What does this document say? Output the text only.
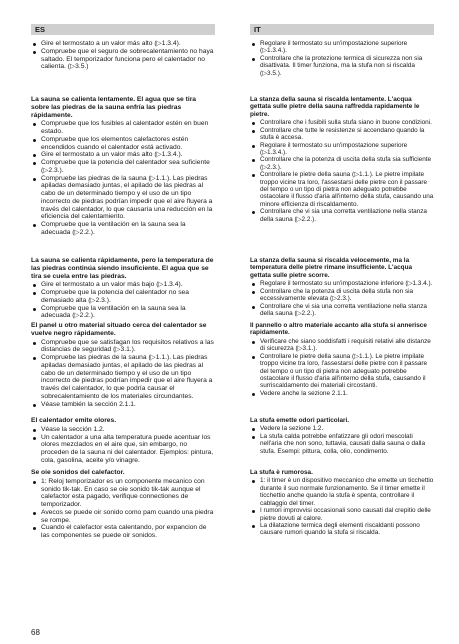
ES	IT
Gire el termostato a un valor más alto (▷1.3.4).
Compruebe que el seguro de sobrecalentamiento no haya saltado. El temporizador funciona pero el calentador no calienta. (▷3.5.)
La sauna se calienta lentamente. El agua que se tira sobre las piedras de la sauna enfría las piedras rápidamente.
Compruebe que los fusibles al calentador estén en buen estado.
Compruebe que los elementos calefactores estén encendidos cuando el calentador está activado.
Gire el termostato a un valor más alto (▷1.3.4.).
Compruebe que la potencia del calentador sea suficiente (▷2.3.).
Compruebe las piedras de la sauna (▷1.1.). Las piedras apiladas demasiado juntas, el apilado de las piedras al cabo de un determinado tiempo y el uso de un tipo incorrecto de piedras podrían impedir que el aire fluyera a través del calentador, lo que causaría una reducción en la eficiencia del calentamiento.
Compruebe que la ventilación en la sauna sea la adecuada (▷2.2.).
La sauna se calienta rápidamente, pero la temperatura de las piedras continúa siendo insuficiente. El agua que se tira se cuela entre las piedras.
Gire el termostato a un valor más bajo (▷1.3.4).
Compruebe que la potencia del calentador no sea demasiado alta (▷2.3.).
Compruebe que la ventilación en la sauna sea la adecuada (▷2.2.).
El panel u otro material situado cerca del calentador se vuelve negro rápidamente.
Compruebe que se satisfagan los requisitos relativos a las distancias de seguridad (▷3.1.).
Compruebe las piedras de la sauna (▷1.1.). Las piedras apiladas demasiado juntas, el apilado de las piedras al cabo de un determinado tiempo y el uso de un tipo incorrecto de piedras podrían impedir que el aire fluyera a través del calentador, lo que podría causar el sobrecalentamiento de los materiales circundantes.
Véase también la sección 2.1.1.
El calentador emite olores.
Véase la sección 1.2.
Un calentador a una alta temperatura puede acentuar los olores mezclados en el aire que, sin embargo, no proceden de la sauna ni del calentador. Ejemplos: pintura, cola, gasolina, aceite y/o vinagre.
Se oie sonidos del calefactor.
1: Reloj temporizador es un componente mecanico con sonido tik-tak. En caso se oie sonido tik-tak aunque el calefactor esta pagado, verifique connectiones de temporizador.
Avecos se puede oir sonido como pam cuando una piedra se rompe.
Cuando el calefactor esta calentando, por expancion de las componentes se puede oir sonidos.
Regolare il termostato su un'impostazione superiore (▷1.3.4.).
Controllare che la protezione termica di sicurezza non sia disattivata. Il timer funziona, ma la stufa non si riscalda (▷3.5.).
La stanza della sauna si riscalda lentamente. L'acqua gettata sulle pietre della sauna raffredda rapidamente le pietre.
Controllare che i fusibili sulla stufa siano in buone condizioni.
Controllare che tutte le resistenze si accendano quando la stufa è accesa.
Regolare il termostato su un'impostazione superiore (▷1.3.4.).
Controllare che la potenza di uscita della stufa sia sufficiente (▷2.3.).
Controllare le pietre della sauna (▷1.1.). Le pietre impilate troppo vicine tra loro, l'assestarsi delle pietre con il passare del tempo o un tipo di pietra non adeguato potrebbe ostacolare il flusso d'aria all'interno della stufa, causando una minore efficienza di riscaldamento.
Controllare che vi sia una corretta ventilazione nella stanza della sauna (▷2.2.).
La stanza della sauna si riscalda velocemente, ma la temperatura delle pietre rimane insufficiente. L'acqua gettata sulle pietre scorre.
Regolare il termostato su un'impostazione inferiore (▷1.3.4.).
Controllare che la potenza di uscita della stufa non sia eccessivamente elevata (▷2.3.).
Controllare che vi sia una corretta ventilazione nella stanza della sauna (▷2.2.).
Il pannello o altro materiale accanto alla stufa si annerisce rapidamente.
Verificare che siano soddisfatti i requisiti relativi alle distanze di sicurezza (▷3.1.).
Controllare le pietre della sauna (▷1.1.). Le pietre impilate troppo vicine tra loro, l'assestarsi delle pietre con il passare del tempo o un tipo di pietra non adeguato potrebbe ostacolare il flusso d'aria all'interno della stufa, causando il surriscaldamento dei materiali circostanti.
Vedere anche la sezione 2.1.1.
La stufa emette odori particolari.
Vedere la sezione 1.2.
La stufa calda potrebbe enfatizzare gli odori mescolati nell'aria che non sono, tuttavia, causati dalla sauna o dalla stufa. Esempi: pittura, colla, olio, condimento.
La stufa è rumorosa.
1: il timer è un dispositivo meccanico che emette un ticchettio durante il suo normale funzionamento. Se il timer emette il ticchettio anche quando la stufa è spenta, controllare il cablaggio del timer.
I rumori improvvisi occasionali sono causati dal crepitio delle pietre dovuti al calore.
La dilatazione termica degli elementi riscaldanti possono causare rumori quando la stufa si riscalda.
68
